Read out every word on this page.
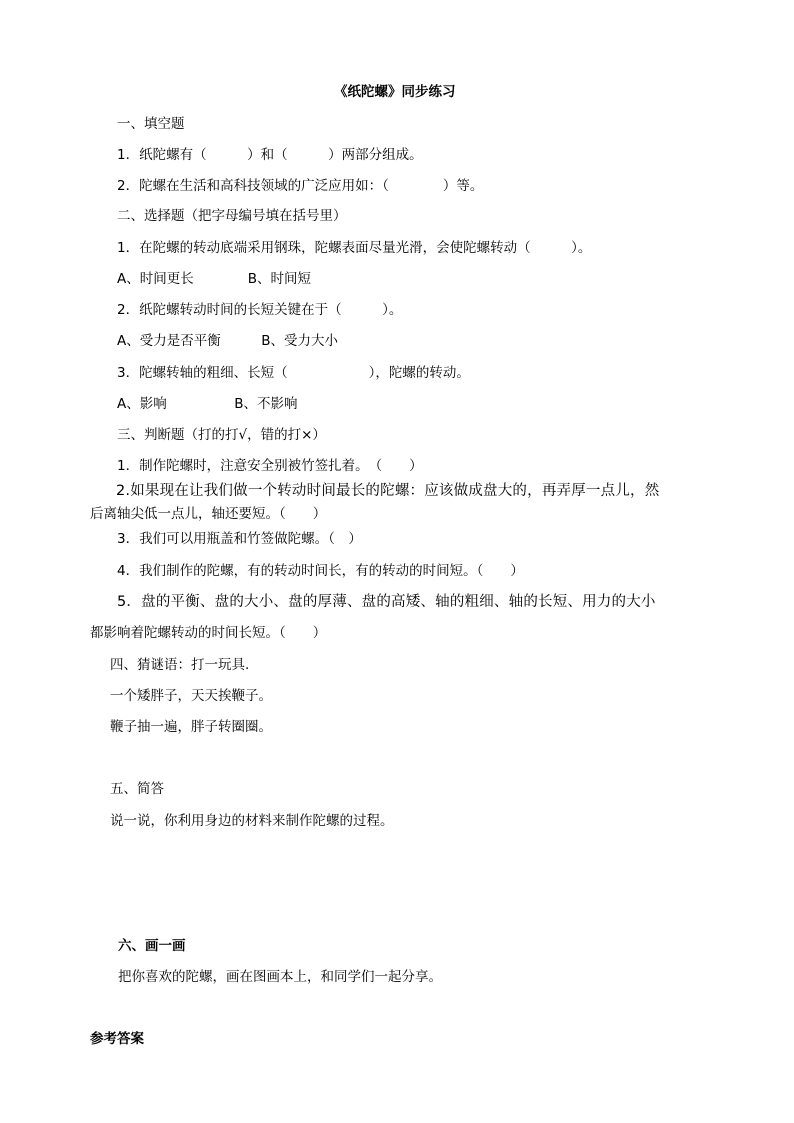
《纸陀螺》同步练习
一、填空题
1．纸陀螺有（　　　）和（　　　）两部分组成。
2．陀螺在生活和高科技领域的广泛应用如：（　　　　）等。
二、选择题（把字母编号填在括号里）
1．在陀螺的转动底端采用钢珠，陀螺表面尽量光滑，会使陀螺转动（　　　）。
A、时间更长　　　　B、时间短
2．纸陀螺转动时间的长短关键在于（　　　）。
A、受力是否平衡　　　B、受力大小
3．陀螺转轴的粗细、长短（　　　　　　），陀螺的转动。
A、影响　　　　　B、不影响
三、判断题（打的打√，错的打×）
1．制作陀螺时，注意安全别被竹签扎着。　（　　）
2.如果现在让我们做一个转动时间最长的陀螺：应该做成盘大的，再弄厚一点儿，然
后离轴尖低一点儿，轴还要短。（　　）
3．我们可以用瓶盖和竹签做陀螺。（　）
4．我们制作的陀螺，有的转动时间长，有的转动的时间短。（　　）
5．盘的平衡、盘的大小、盘的厚薄、盘的高矮、轴的粗细、轴的长短、用力的大小
都影响着陀螺转动的时间长短。（　　）
四、猜谜语：打一玩具.
一个矮胖子，天天挨鞭子。
鞭子抽一遍，胖子转圈圈。
五、简答
说一说，你利用身边的材料来制作陀螺的过程。
六、画一画
把你喜欢的陀螺，画在图画本上，和同学们一起分享。
参考答案
